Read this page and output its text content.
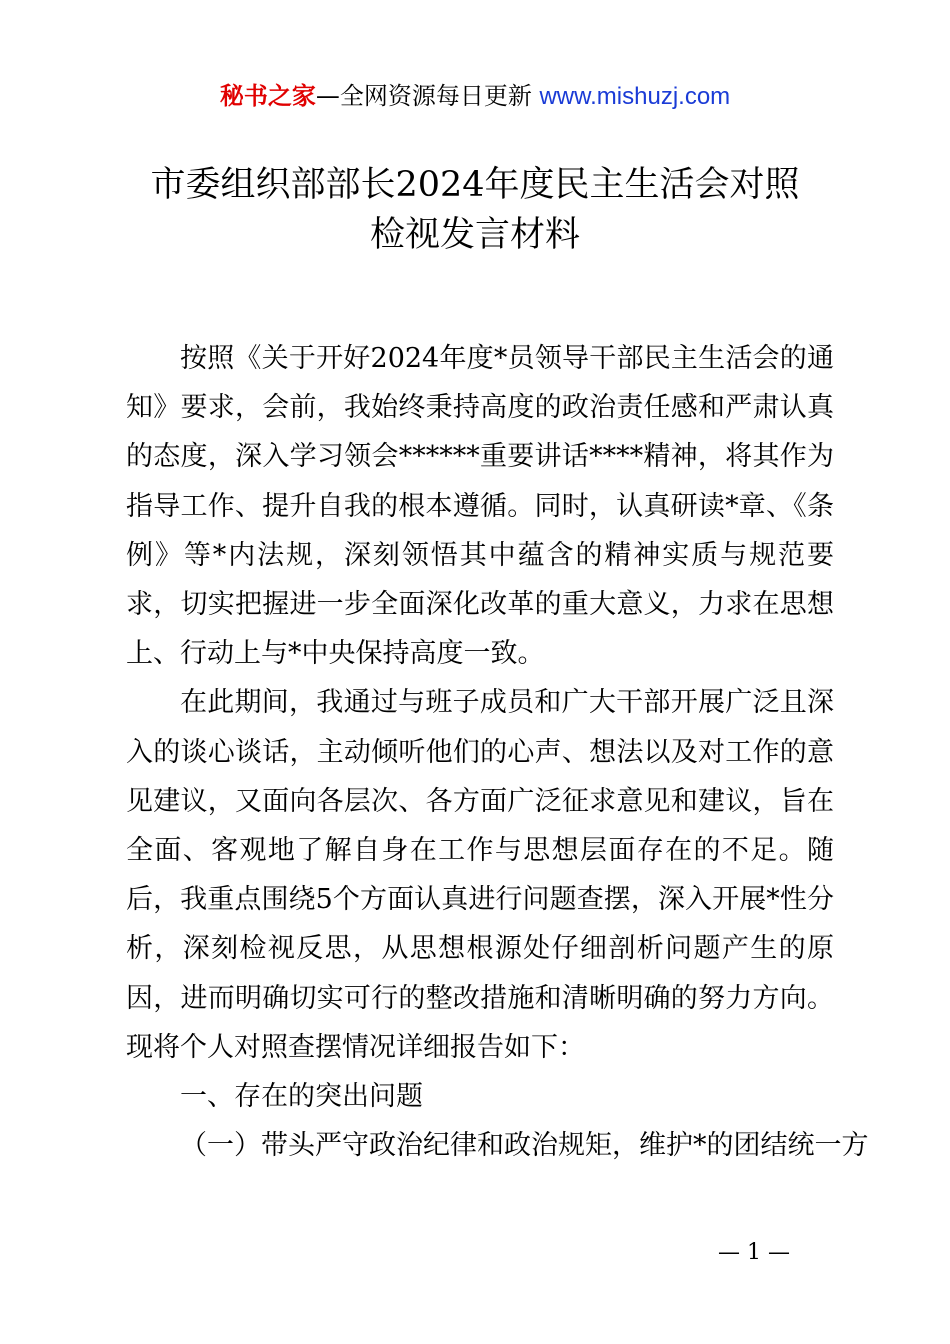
秘书之家—全网资源每日更新 www.mishuzj.com
市委组织部部长2024年度民主生活会对照
检视发言材料

按照《关于开好2024年度*员领导干部民主生活会的通知》要求，会前，我始终秉持高度的政治责任感和严肃认真的态度，深入学习领会******重要讲话****精神，将其作为指导工作、提升自我的根本遵循。同时，认真研读*章、《条例》等*内法规，深刻领悟其中蕴含的精神实质与规范要求，切实把握进一步全面深化改革的重大意义，力求在思想上、行动上与*中央保持高度一致。

在此期间，我通过与班子成员和广大干部开展广泛且深入的谈心谈话，主动倾听他们的心声、想法以及对工作的意见建议，又面向各层次、各方面广泛征求意见和建议，旨在全面、客观地了解自身在工作与思想层面存在的不足。随后，我重点围绕5个方面认真进行问题查摆，深入开展*性分析，深刻检视反思，从思想根源处仔细剖析问题产生的原因，进而明确切实可行的整改措施和清晰明确的努力方向。现将个人对照查摆情况详细报告如下：

一、存在的突出问题

（一）带头严守政治纪律和政治规矩，维护*的团结统一方

— 1 —
